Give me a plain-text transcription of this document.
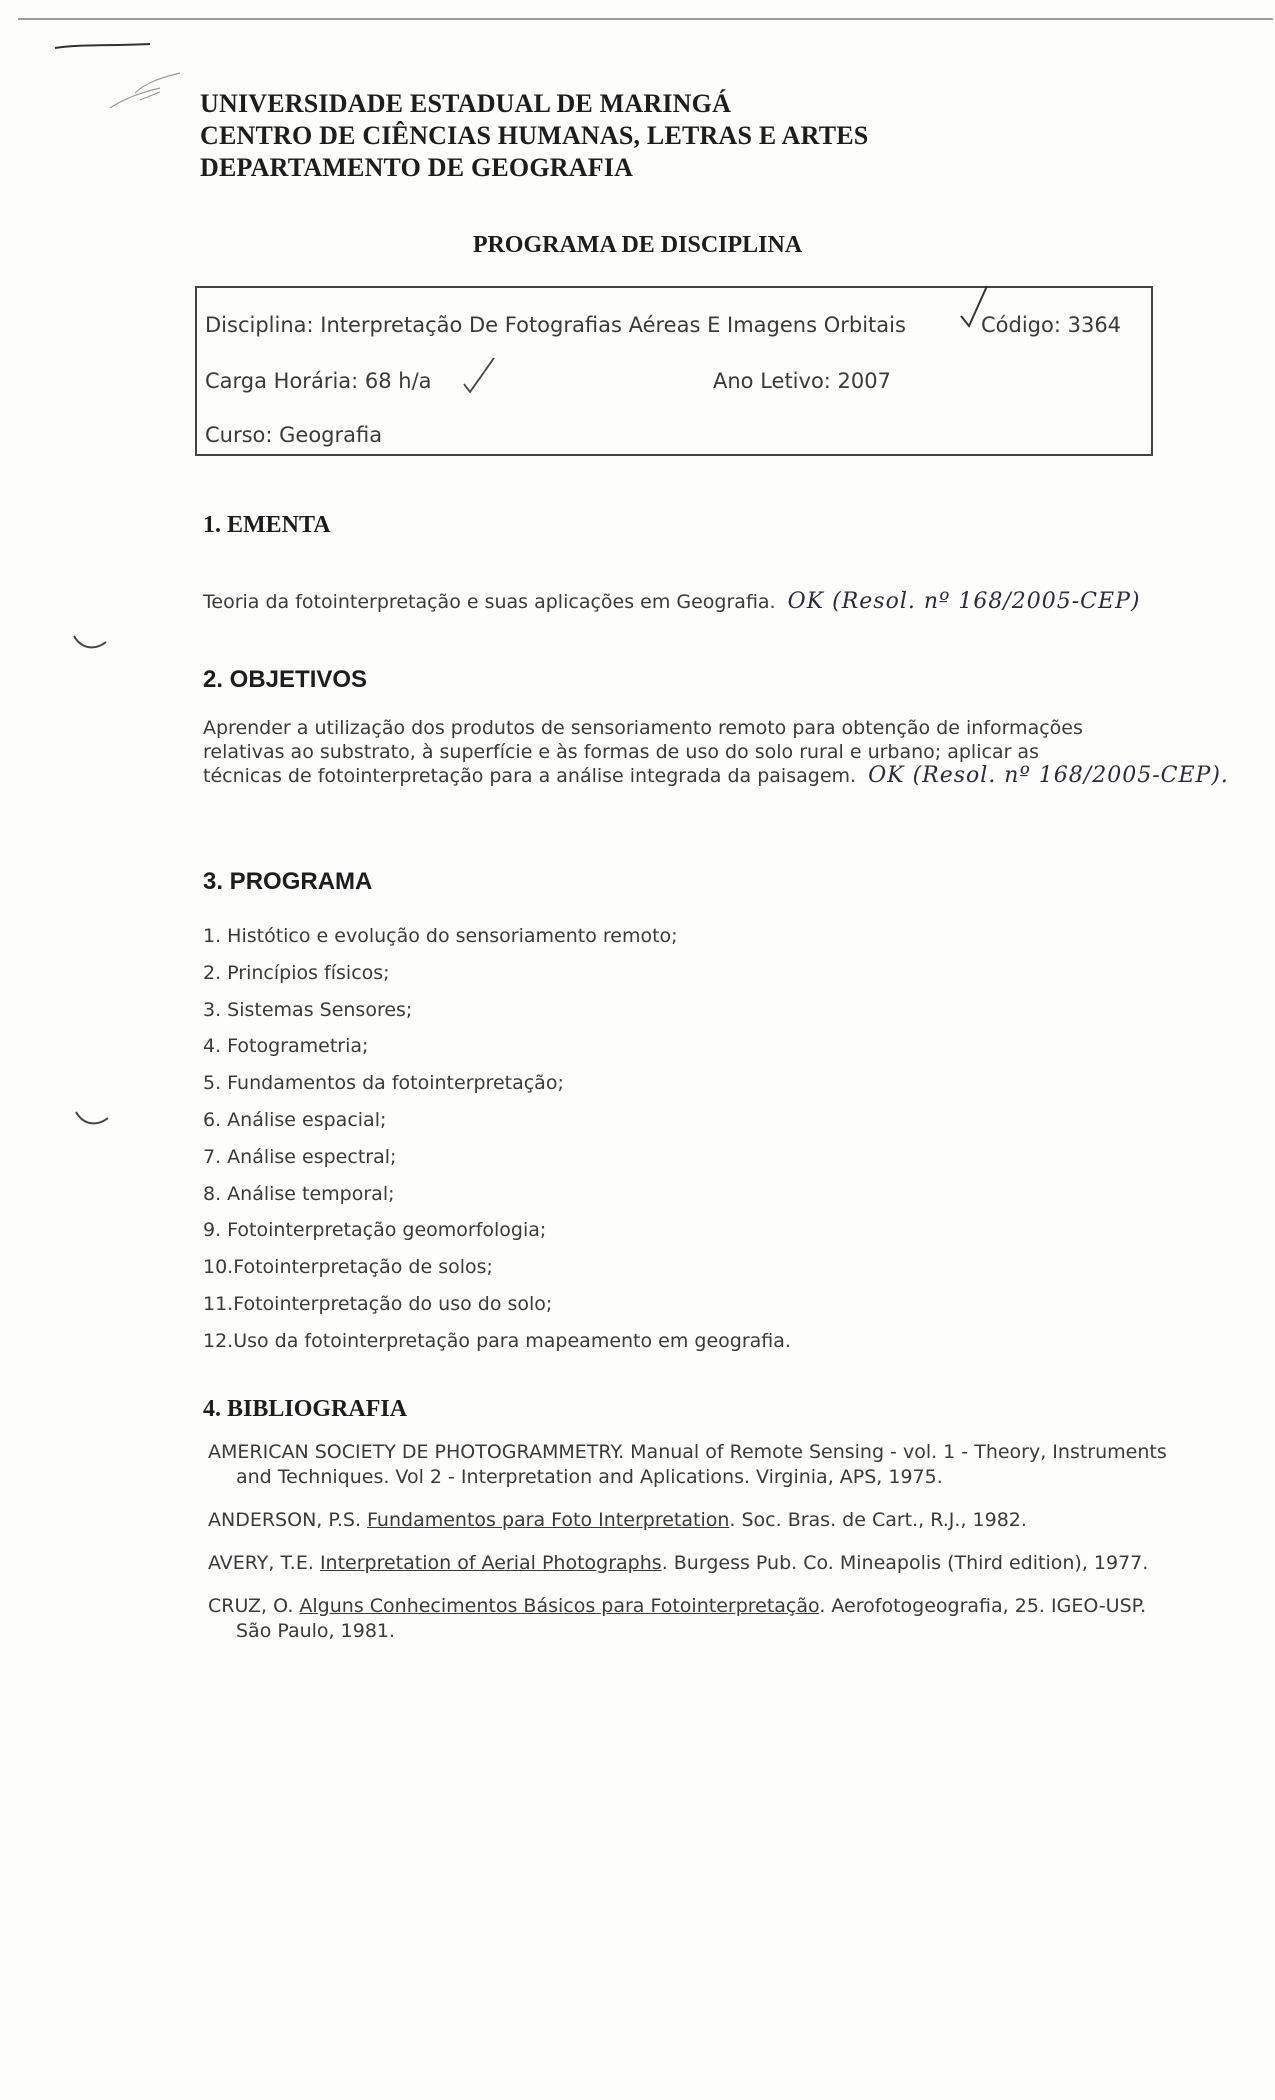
UNIVERSIDADE ESTADUAL DE MARINGÁ
CENTRO DE CIÊNCIAS HUMANAS, LETRAS E ARTES
DEPARTAMENTO DE GEOGRAFIA
PROGRAMA DE DISCIPLINA
Disciplina: Interpretação De Fotografias Aéreas E Imagens Orbitais	Código: 3364
Carga Horária: 68 h/a	Ano Letivo: 2007
Curso: Geografia
1. EMENTA
Teoria da fotointerpretação e suas aplicações em Geografia. OK (Resol. nº 168/2005-CEP)
2. OBJETIVOS
Aprender a utilização dos produtos de sensoriamento remoto para obtenção de informações
relativas ao substrato, à superfície e às formas de uso do solo rural e urbano; aplicar as
técnicas de fotointerpretação para a análise integrada da paisagem. OK (Resol. nº 168/2005-CEP).
3. PROGRAMA
1. Histótico e evolução do sensoriamento remoto;
2. Princípios físicos;
3. Sistemas Sensores;
4. Fotogrametria;
5. Fundamentos da fotointerpretação;
6. Análise espacial;
7. Análise espectral;
8. Análise temporal;
9. Fotointerpretação geomorfologia;
10.Fotointerpretação de solos;
11.Fotointerpretação do uso do solo;
12.Uso da fotointerpretação para mapeamento em geografia.
4. BIBLIOGRAFIA
AMERICAN SOCIETY DE PHOTOGRAMMETRY. Manual of Remote Sensing - vol. 1 - Theory, Instruments and Techniques. Vol 2 - Interpretation and Aplications. Virginia, APS, 1975.
ANDERSON, P.S. Fundamentos para Foto Interpretation. Soc. Bras. de Cart., R.J., 1982.
AVERY, T.E. Interpretation of Aerial Photographs. Burgess Pub. Co. Mineapolis (Third edition), 1977.
CRUZ, O. Alguns Conhecimentos Básicos para Fotointerpretação. Aerofotogeografia, 25. IGEO-USP. São Paulo, 1981.
